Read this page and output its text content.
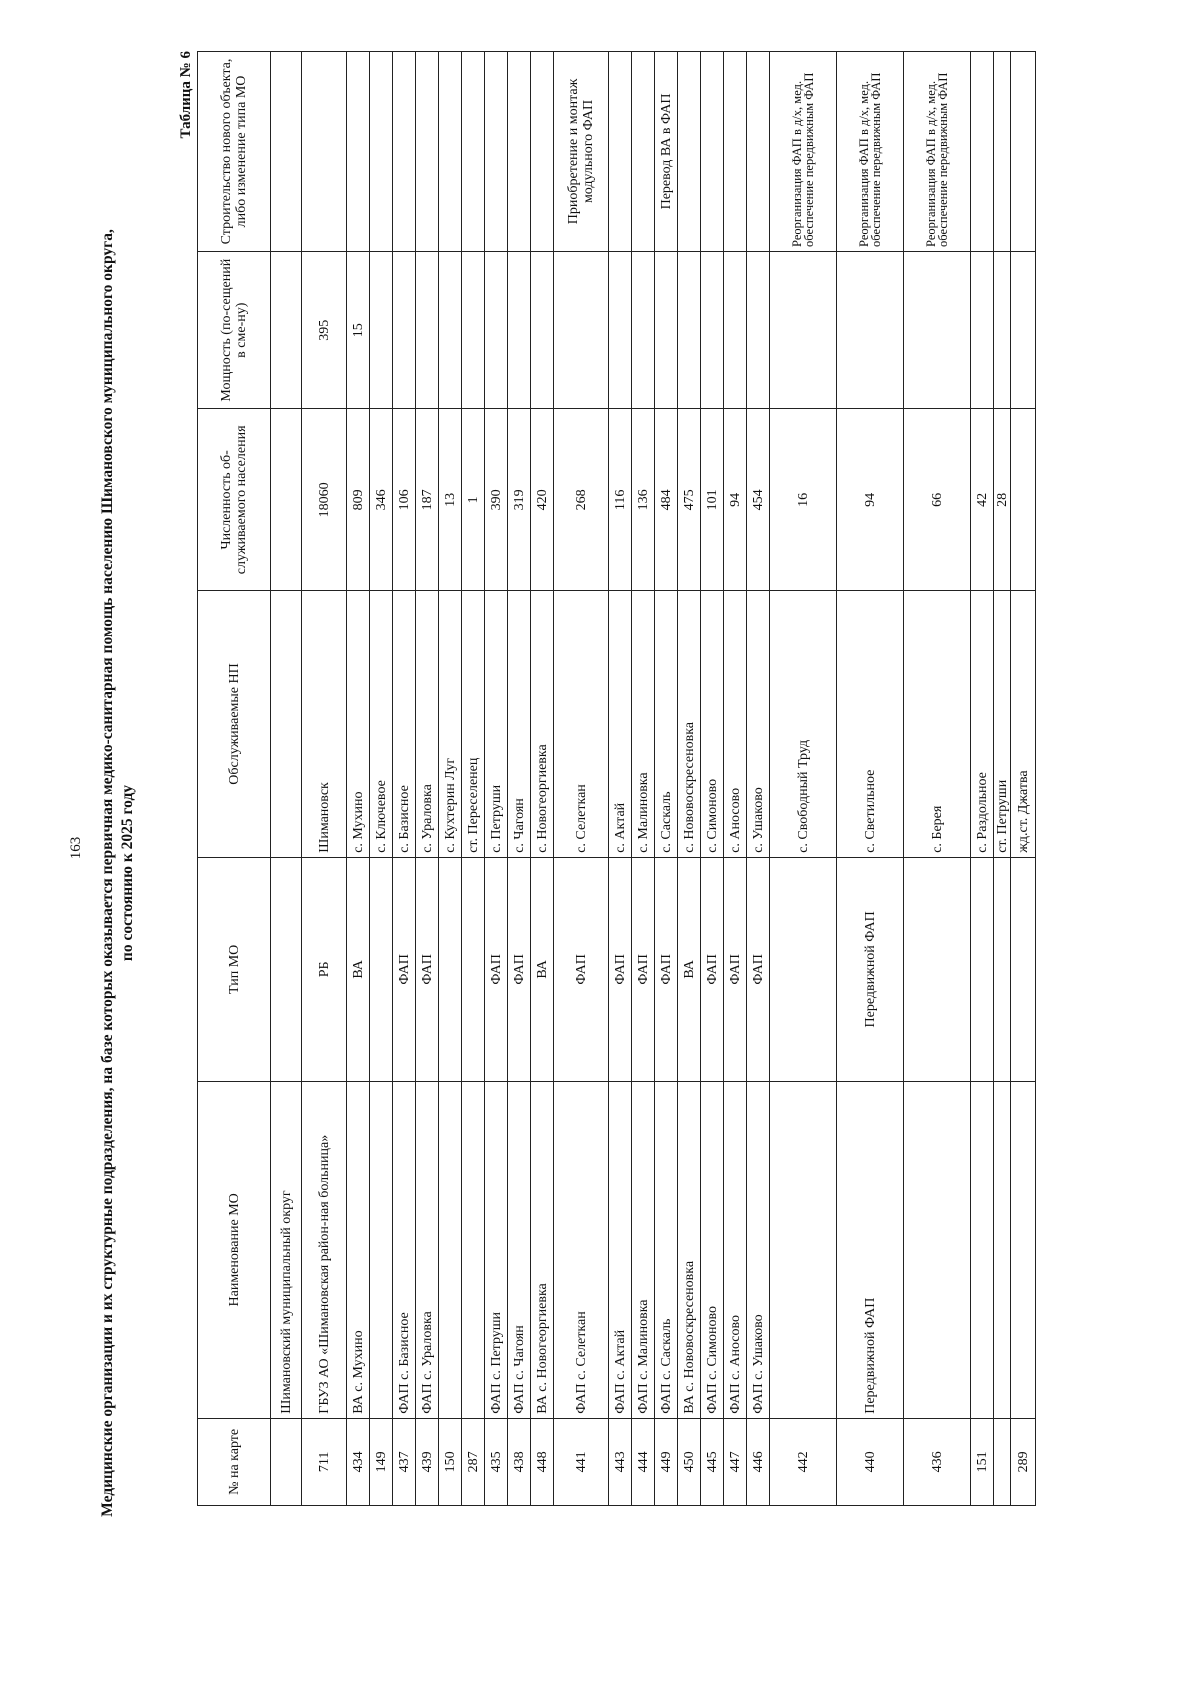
163 Медицинские организации и их структурные подразделения, на базе которых оказывается первичная медико-санитарная помощь населению Шимановского муниципального округа, по состоянию к 2025 году
Таблица № 6
№ на карте	Наименование МО	Тип МО	Обслуживаемые НП	Численность об-служиваемого населения	Мощность (по-сещений в сме-ну)	Строительство нового объекта, либо изменение типа МО
	Шимановский муниципальный округ					
711	ГБУЗ АО «Шимановская район-ная больница»	РБ	Шимановск	18060	395	
434	ВА с. Мухино	ВА	с. Мухино	809	15	
149			с. Ключевое	346		
437	ФАП с. Базисное	ФАП	с. Базисное	106		
439	ФАП с. Ураловка	ФАП	с. Ураловка	187		
150			с. Кухтерин Луг	13		
287			ст. Переселенец	1		
435	ФАП с. Петруши	ФАП	с. Петруши	390		
438	ФАП с. Чагоян	ФАП	с. Чагоян	319		
448	ВА с. Новогеоргиевка	ВА	с. Новогеоргиевка	420		
441	ФАП с. Селеткан	ФАП	с. Селеткан	268		Приобретение и монтаж модульного ФАП
443	ФАП с. Актай	ФАП	с. Актай	116		
444	ФАП с. Малиновка	ФАП	с. Малиновка	136		
449	ФАП с. Саскаль	ФАП	с. Саскаль	484		Перевод ВА в ФАП
450	ВА с. Нововоскресеновка	ВА	с. Нововоскресеновка	475		
445	ФАП с. Симоново	ФАП	с. Симоново	101		
447	ФАП с. Аносово	ФАП	с. Аносово	94		
446	ФАП с. Ушаково	ФАП	с. Ушаково	454		
442			с. Свободный Труд	16		Реорганизация ФАП в д/х, мед. обеспечение передвижным ФАП
440	Передвижной ФАП	Передвижной ФАП	с. Светильное	94		Реорганизация ФАП в д/х, мед. обеспечение передвижным ФАП
436			с. Берея	66		Реорганизация ФАП в д/х, мед. обеспечение передвижным ФАП
151			с. Раздольное	42		
			ст. Петруши	28		
289			жд.ст. Джатва			
